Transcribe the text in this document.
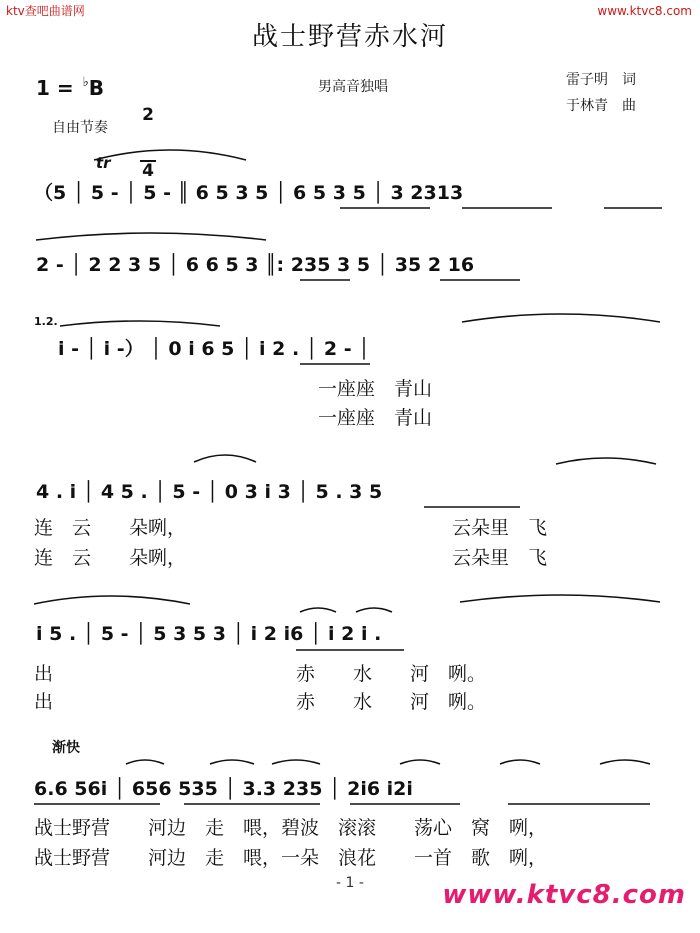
ktv查吧曲谱网	www.ktvc8.com
战士野营赤水河
1 = ♭B

2

4

男高音独唱	雷子明　词
于林青　曲
自由节奏
tr
（5 │ 5 - │ 5 - ║ 6 5 3 5 │ 6 5 3 5 │ 3 2313
2 - │ 2 2 3 5 │ 6 6 5 3 ║: 235 3 5 │ 35 2 16
1.2.
i - │ i -） │ 0 i 6 5 │ i 2 . │ 2 - │
一座座　青山
一座座　青山
4 . i │ 4 5 . │ 5 - │ 0 3 i 3 │ 5 . 3 5
连　云　　朵咧，	云朵里　飞
连　云　　朵咧，	云朵里　飞
i 5 . │ 5 - │ 5 3 5 3 │ i 2 i6 │ i 2 i .
出	赤　　水　　河　咧。
出	赤　　水　　河　咧。
渐快
6.6 56i │ 656 535 │ 3.3 235 │ 2i6 i2i
战士野营　　河边　走　喂，碧波　滚滚　　荡心　窝　咧，
战士野营　　河边　走　喂，一朵　浪花　　一首　歌　咧，
- 1 -	www.ktvc8.com
